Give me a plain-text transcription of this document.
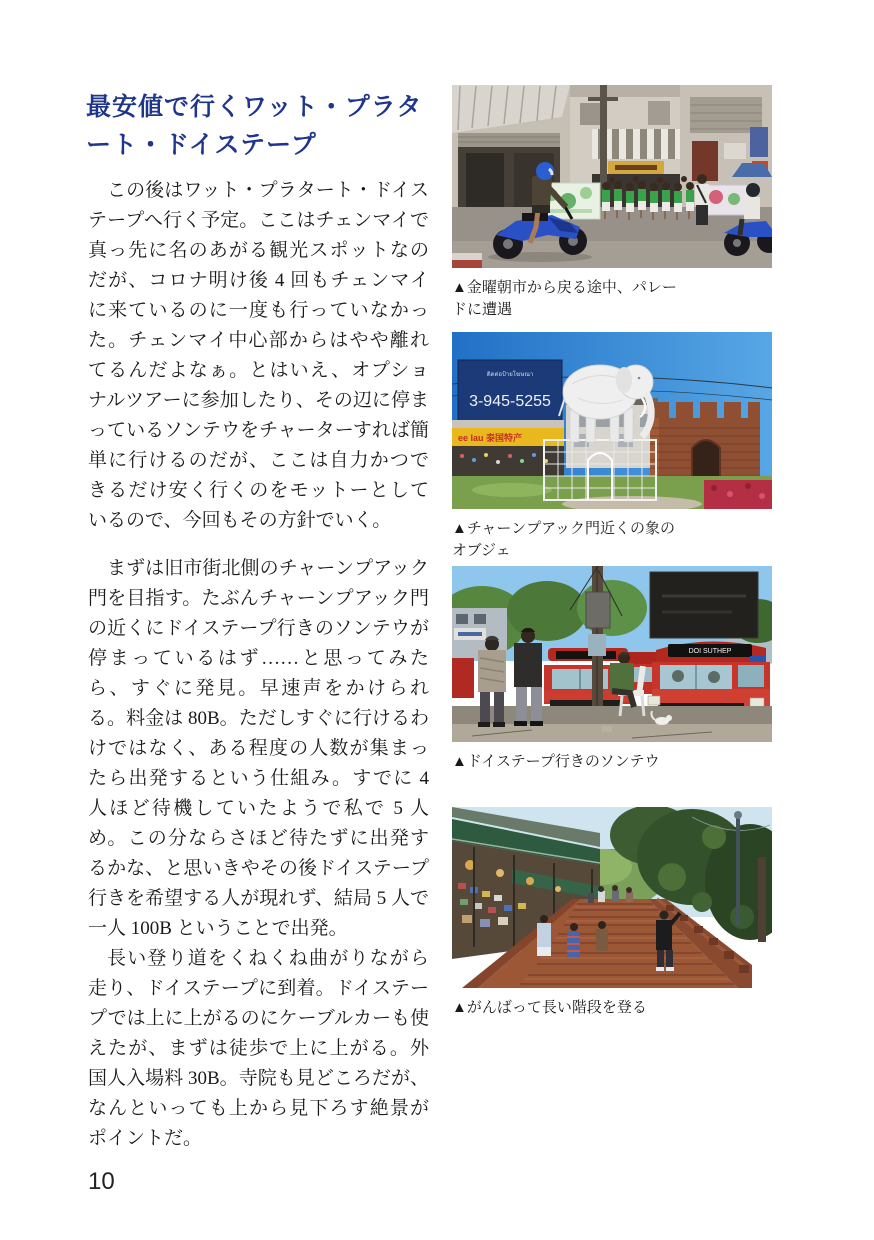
最安値で行くワット・プラタート・ドイステープ

この後はワット・プラタート・ドイステープへ行く予定。ここはチェンマイで真っ先に名のあがる観光スポットなのだが、コロナ明け後 4 回もチェンマイに来ているのに一度も行っていなかった。チェンマイ中心部からはやや離れてるんだよなぁ。とはいえ、オプショナルツアーに参加したり、その辺に停まっているソンテウをチャーターすれば簡単に行けるのだが、ここは自力かつできるだけ安く行くのをモットーとしているので、今回もその方針でいく。

まずは旧市街北側のチャーンプアック門を目指す。たぶんチャーンプアック門の近くにドイステープ行きのソンテウが停まっているはず……と思ってみたら、すぐに発見。早速声をかけられる。料金は 80B。ただしすぐに行けるわけではなく、ある程度の人数が集まったら出発するという仕組み。すでに 4 人ほど待機していたようで私で 5 人め。この分ならさほど待たずに出発するかな、と思いきやその後ドイステープ行きを希望する人が現れず、結局 5 人で一人 100B ということで出発。

長い登り道をくねくね曲がりながら走り、ドイステープに到着。ドイステープでは上に上がるのにケーブルカーも使えたが、まずは徒歩で上に上がる。外国人入場料 30B。寺院も見どころだが、なんといっても上から見下ろす絶景がポイントだ。

▲金曜朝市から戻る途中、パレードに遭遇
ติดต่อป้ายโฆษณา
3-945-5255
ee lau 泰国特产
▲チャーンプアック門近くの象のオブジェ
DOI SUTHEP
▲ドイステープ行きのソンテウ
▲がんばって長い階段を登る
10
